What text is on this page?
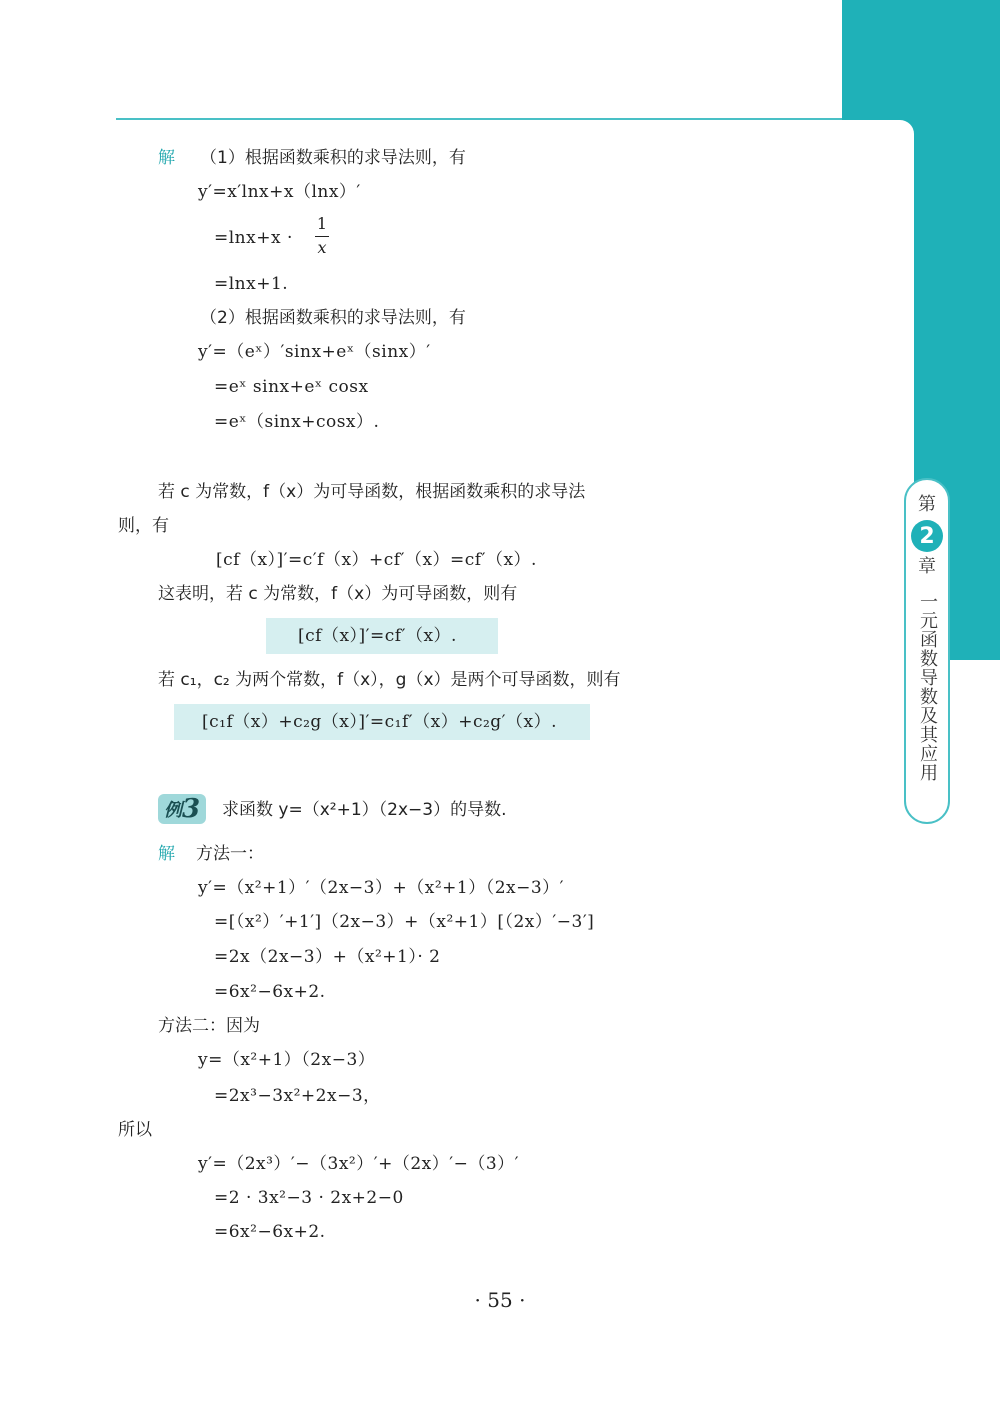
第
2
章
一元函数导数及其应用
解 （1）根据函数乘积的求导法则，有
y′=x′lnx+x（lnx）′
=lnx+x ·
1
x
=lnx+1.
（2）根据函数乘积的求导法则，有
y′=（eˣ）′sinx+eˣ（sinx）′
=eˣ sinx+eˣ cosx
=eˣ（sinx+cosx）.
若 c 为常数，f（x）为可导函数，根据函数乘积的求导法
则，有
[cf（x）]′=c′f（x）+cf′（x）=cf′（x）.
这表明，若 c 为常数，f（x）为可导函数，则有
[cf（x）]′=cf′（x）.
若 c₁，c₂ 为两个常数，f（x），g（x）是两个可导函数，则有
[c₁f（x）+c₂g（x）]′=c₁f′（x）+c₂g′（x）.
例 3 求函数 y=（x²+1）（2x−3）的导数.
解 方法一：
y′=（x²+1）′（2x−3）+（x²+1）（2x−3）′
=[（x²）′+1′]（2x−3）+（x²+1）[（2x）′−3′]
=2x（2x−3）+（x²+1）· 2
=6x²−6x+2.
方法二：因为
y=（x²+1）（2x−3）
=2x³−3x²+2x−3，
所以
y′=（2x³）′−（3x²）′+（2x）′−（3）′
=2 · 3x²−3 · 2x+2−0
=6x²−6x+2.
· 55 ·
